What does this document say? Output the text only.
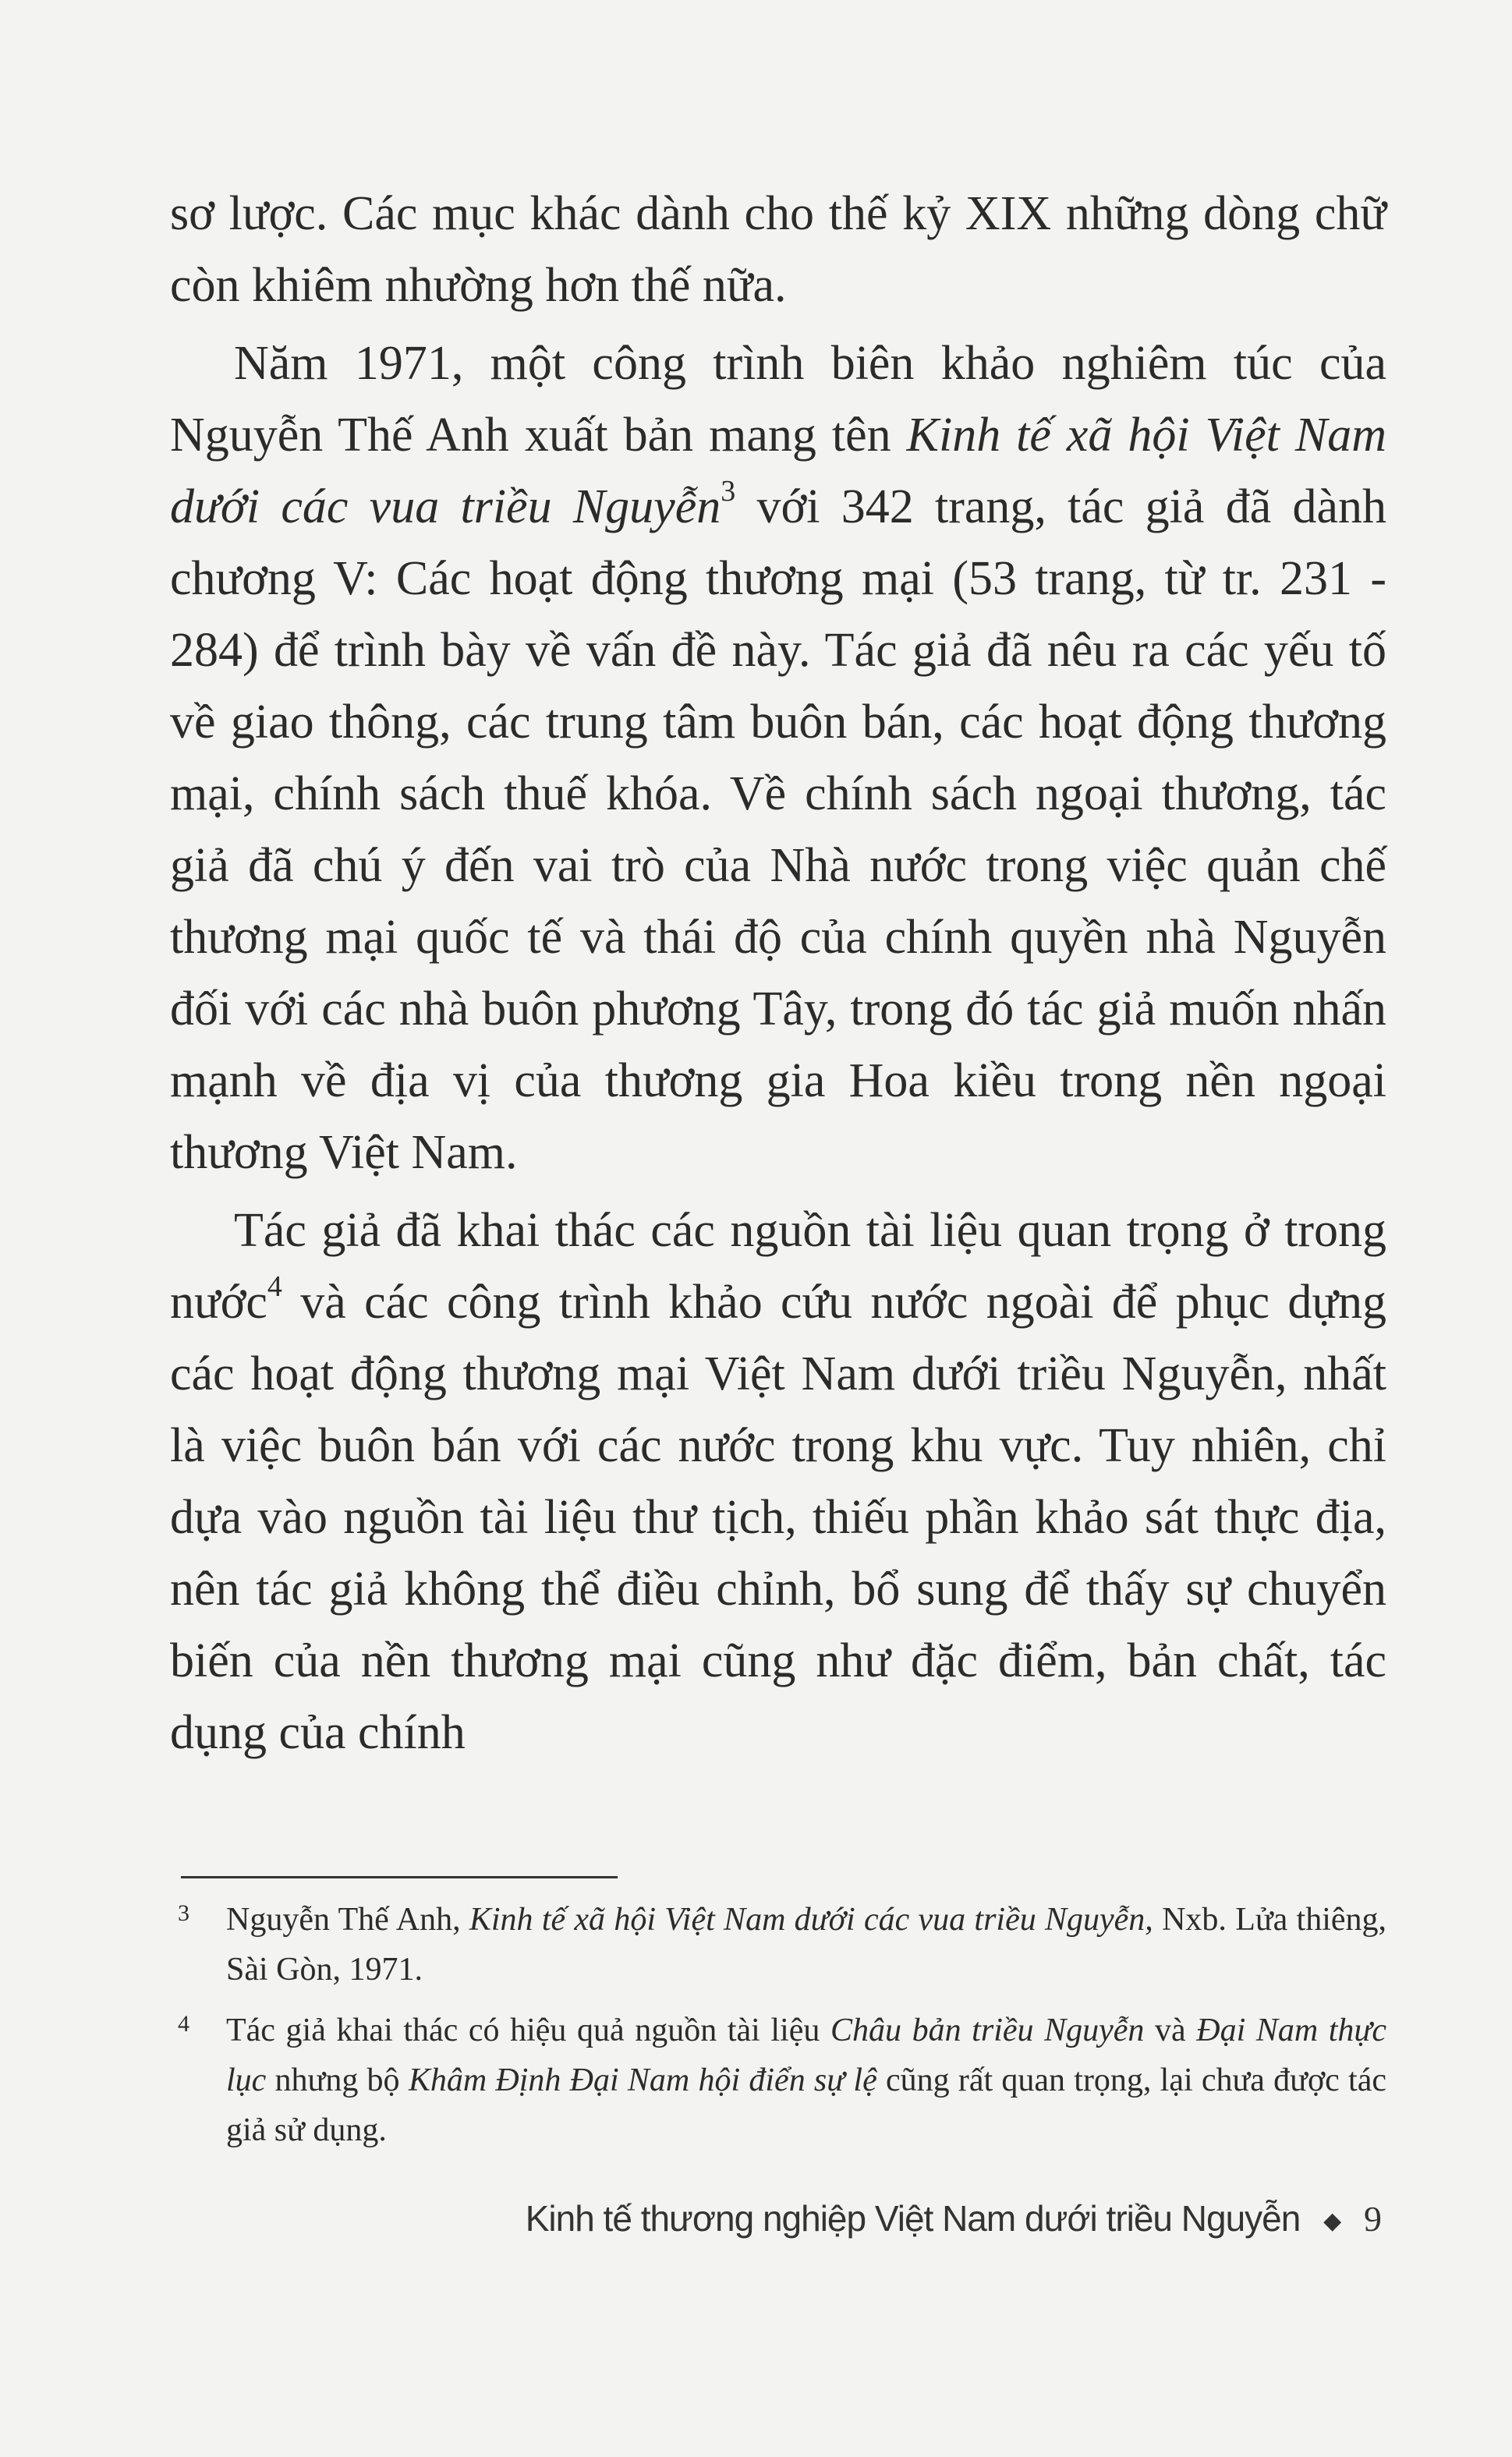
sơ lược. Các mục khác dành cho thế kỷ XIX những dòng chữ còn khiêm nhường hơn thế nữa.

Năm 1971, một công trình biên khảo nghiêm túc của Nguyễn Thế Anh xuất bản mang tên Kinh tế xã hội Việt Nam dưới các vua triều Nguyễn$^3$ với 342 trang, tác giả đã dành chương V: Các hoạt động thương mại (53 trang, từ tr. 231 - 284) để trình bày về vấn đề này. Tác giả đã nêu ra các yếu tố về giao thông, các trung tâm buôn bán, các hoạt động thương mại, chính sách thuế khóa. Về chính sách ngoại thương, tác giả đã chú ý đến vai trò của Nhà nước trong việc quản chế thương mại quốc tế và thái độ của chính quyền nhà Nguyễn đối với các nhà buôn phương Tây, trong đó tác giả muốn nhấn mạnh về địa vị của thương gia Hoa kiều trong nền ngoại thương Việt Nam.

Tác giả đã khai thác các nguồn tài liệu quan trọng ở trong nước$^4$ và các công trình khảo cứu nước ngoài để phục dựng các hoạt động thương mại Việt Nam dưới triều Nguyễn, nhất là việc buôn bán với các nước trong khu vực. Tuy nhiên, chỉ dựa vào nguồn tài liệu thư tịch, thiếu phần khảo sát thực địa, nên tác giả không thể điều chỉnh, bổ sung để thấy sự chuyển biến của nền thương mại cũng như đặc điểm, bản chất, tác dụng của chính

3	Nguyễn Thế Anh, Kinh tế xã hội Việt Nam dưới các vua triều Nguyễn, Nxb. Lửa thiêng, Sài Gòn, 1971.
4	Tác giả khai thác có hiệu quả nguồn tài liệu Châu bản triều Nguyễn và Đại Nam thực lục nhưng bộ Khâm Định Đại Nam hội điển sự lệ cũng rất quan trọng, lại chưa được tác giả sử dụng.
Kinh tế thương nghiệp Việt Nam dưới triều Nguyễn ◆ 9
